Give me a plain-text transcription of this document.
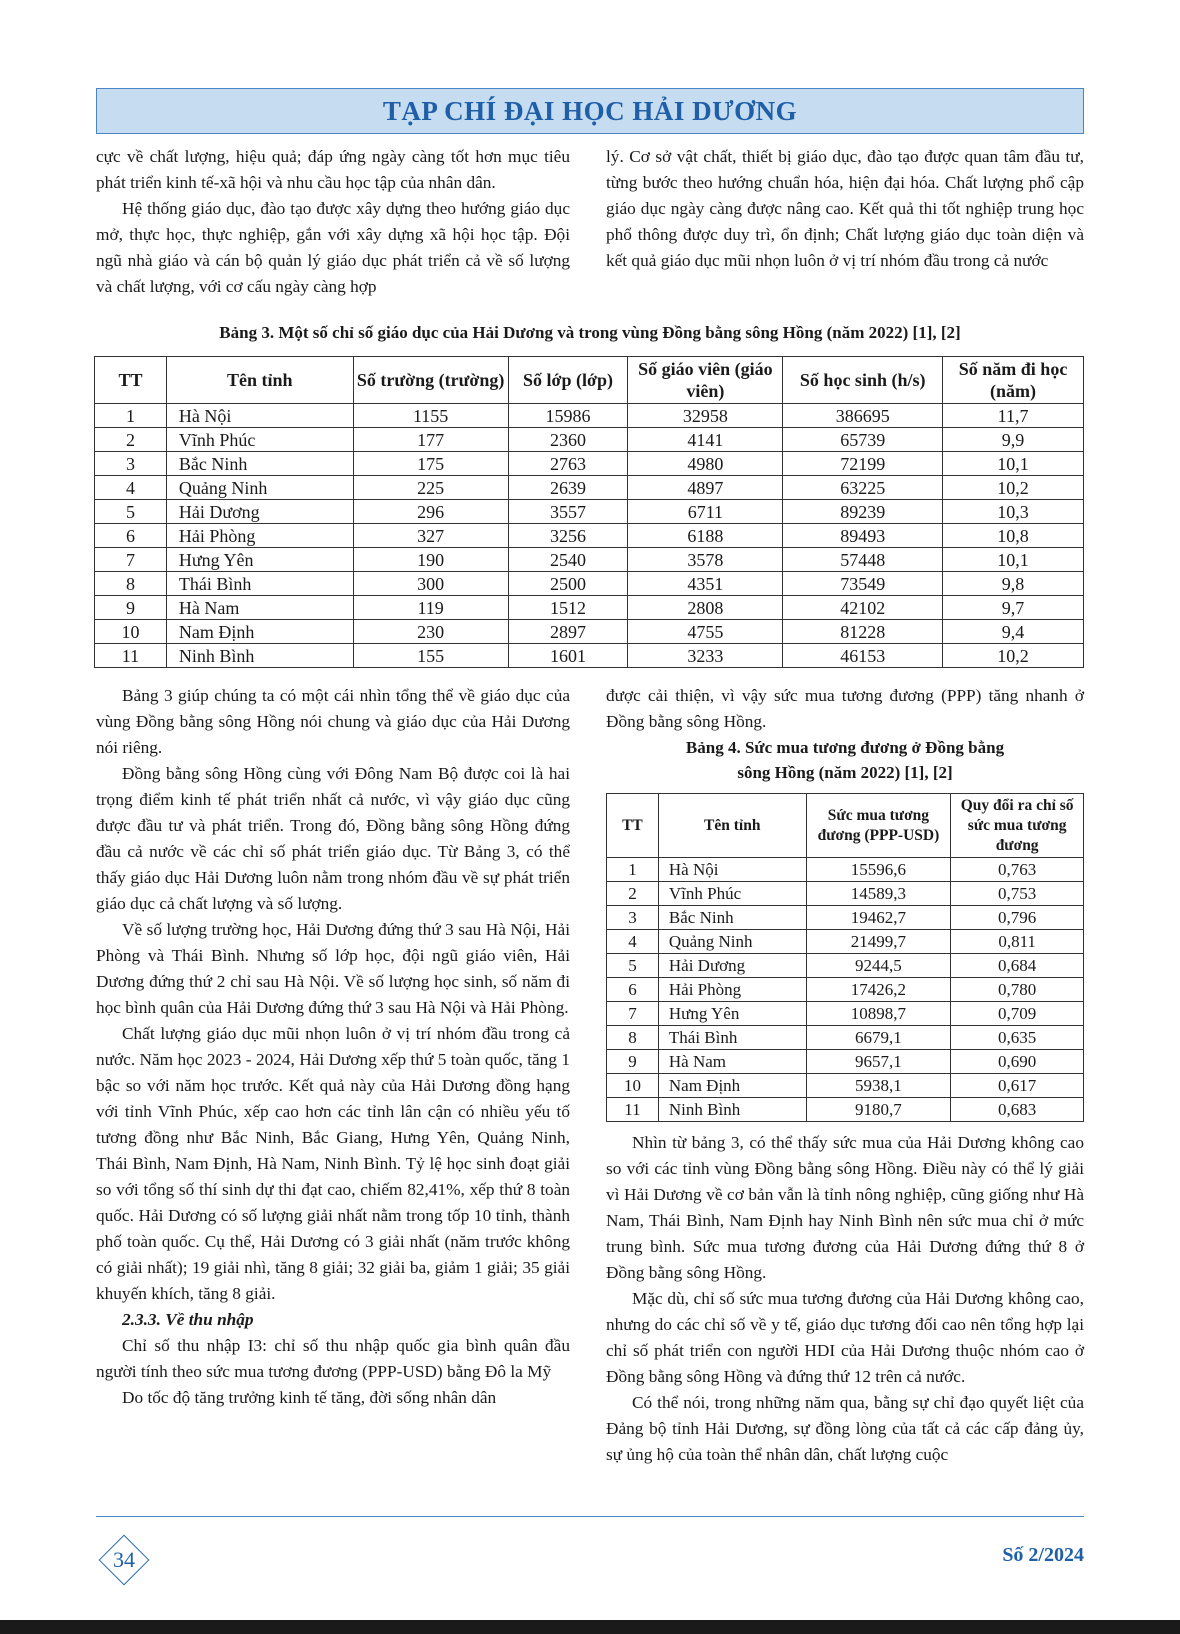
TẠP CHÍ ĐẠI HỌC HẢI DƯƠNG

cực về chất lượng, hiệu quả; đáp ứng ngày càng tốt hơn mục tiêu phát triển kinh tế-xã hội và nhu cầu học tập của nhân dân.

Hệ thống giáo dục, đào tạo được xây dựng theo hướng giáo dục mở, thực học, thực nghiệp, gắn với xây dựng xã hội học tập. Đội ngũ nhà giáo và cán bộ quản lý giáo dục phát triển cả về số lượng và chất lượng, với cơ cấu ngày càng hợp

lý. Cơ sở vật chất, thiết bị giáo dục, đào tạo được quan tâm đầu tư, từng bước theo hướng chuẩn hóa, hiện đại hóa. Chất lượng phổ cập giáo dục ngày càng được nâng cao. Kết quả thi tốt nghiệp trung học phổ thông được duy trì, ổn định; Chất lượng giáo dục toàn diện và kết quả giáo dục mũi nhọn luôn ở vị trí nhóm đầu trong cả nước

Bảng 3. Một số chỉ số giáo dục của Hải Dương và trong vùng Đồng bằng sông Hồng (năm 2022) [1], [2]
TT	Tên tỉnh	Số trường (trường)	Số lớp (lớp)	Số giáo viên (giáo viên)	Số học sinh (h/s)	Số năm đi học (năm)
1	Hà Nội	1155	15986	32958	386695	11,7
2	Vĩnh Phúc	177	2360	4141	65739	9,9
3	Bắc Ninh	175	2763	4980	72199	10,1
4	Quảng Ninh	225	2639	4897	63225	10,2
5	Hải Dương	296	3557	6711	89239	10,3
6	Hải Phòng	327	3256	6188	89493	10,8
7	Hưng Yên	190	2540	3578	57448	10,1
8	Thái Bình	300	2500	4351	73549	9,8
9	Hà Nam	119	1512	2808	42102	9,7
10	Nam Định	230	2897	4755	81228	9,4
11	Ninh Bình	155	1601	3233	46153	10,2

Bảng 3 giúp chúng ta có một cái nhìn tổng thể về giáo dục của vùng Đồng bằng sông Hồng nói chung và giáo dục của Hải Dương nói riêng.

Đồng bằng sông Hồng cùng với Đông Nam Bộ được coi là hai trọng điểm kinh tế phát triển nhất cả nước, vì vậy giáo dục cũng được đầu tư và phát triển. Trong đó, Đồng bằng sông Hồng đứng đầu cả nước về các chỉ số phát triển giáo dục. Từ Bảng 3, có thể thấy giáo dục Hải Dương luôn nằm trong nhóm đầu về sự phát triển giáo dục cả chất lượng và số lượng.

Về số lượng trường học, Hải Dương đứng thứ 3 sau Hà Nội, Hải Phòng và Thái Bình. Nhưng số lớp học, đội ngũ giáo viên, Hải Dương đứng thứ 2 chỉ sau Hà Nội. Về số lượng học sinh, số năm đi học bình quân của Hải Dương đứng thứ 3 sau Hà Nội và Hải Phòng.

Chất lượng giáo dục mũi nhọn luôn ở vị trí nhóm đầu trong cả nước. Năm học 2023 - 2024, Hải Dương xếp thứ 5 toàn quốc, tăng 1 bậc so với năm học trước. Kết quả này của Hải Dương đồng hạng với tỉnh Vĩnh Phúc, xếp cao hơn các tỉnh lân cận có nhiều yếu tố tương đồng như Bắc Ninh, Bắc Giang, Hưng Yên, Quảng Ninh, Thái Bình, Nam Định, Hà Nam, Ninh Bình. Tỷ lệ học sinh đoạt giải so với tổng số thí sinh dự thi đạt cao, chiếm 82,41%, xếp thứ 8 toàn quốc. Hải Dương có số lượng giải nhất nằm trong tốp 10 tỉnh, thành phố toàn quốc. Cụ thể, Hải Dương có 3 giải nhất (năm trước không có giải nhất); 19 giải nhì, tăng 8 giải; 32 giải ba, giảm 1 giải; 35 giải khuyến khích, tăng 8 giải.

2.3.3. Về thu nhập

Chỉ số thu nhập I3: chỉ số thu nhập quốc gia bình quân đầu người tính theo sức mua tương đương (PPP-USD) bằng Đô la Mỹ

Do tốc độ tăng trưởng kinh tế tăng, đời sống nhân dân

được cải thiện, vì vậy sức mua tương đương (PPP) tăng nhanh ở Đồng bằng sông Hồng.

Bảng 4. Sức mua tương đương ở Đồng bằng
sông Hồng (năm 2022) [1], [2]
TT	Tên tỉnh	Sức mua tương đương (PPP-USD)	Quy đổi ra chỉ số sức mua tương đương
1	Hà Nội	15596,6	0,763
2	Vĩnh Phúc	14589,3	0,753
3	Bắc Ninh	19462,7	0,796
4	Quảng Ninh	21499,7	0,811
5	Hải Dương	9244,5	0,684
6	Hải Phòng	17426,2	0,780
7	Hưng Yên	10898,7	0,709
8	Thái Bình	6679,1	0,635
9	Hà Nam	9657,1	0,690
10	Nam Định	5938,1	0,617
11	Ninh Bình	9180,7	0,683

Nhìn từ bảng 3, có thể thấy sức mua của Hải Dương không cao so với các tỉnh vùng Đồng bằng sông Hồng. Điều này có thể lý giải vì Hải Dương về cơ bản vẫn là tỉnh nông nghiệp, cũng giống như Hà Nam, Thái Bình, Nam Định hay Ninh Bình nên sức mua chỉ ở mức trung bình. Sức mua tương đương của Hải Dương đứng thứ 8 ở Đồng bằng sông Hồng.

Mặc dù, chỉ số sức mua tương đương của Hải Dương không cao, nhưng do các chỉ số về y tế, giáo dục tương đối cao nên tổng hợp lại chỉ số phát triển con người HDI của Hải Dương thuộc nhóm cao ở Đồng bằng sông Hồng và đứng thứ 12 trên cả nước.

Có thể nói, trong những năm qua, bằng sự chỉ đạo quyết liệt của Đảng bộ tỉnh Hải Dương, sự đồng lòng của tất cả các cấp đảng ủy, sự ủng hộ của toàn thể nhân dân, chất lượng cuộc

34	Số 2/2024
